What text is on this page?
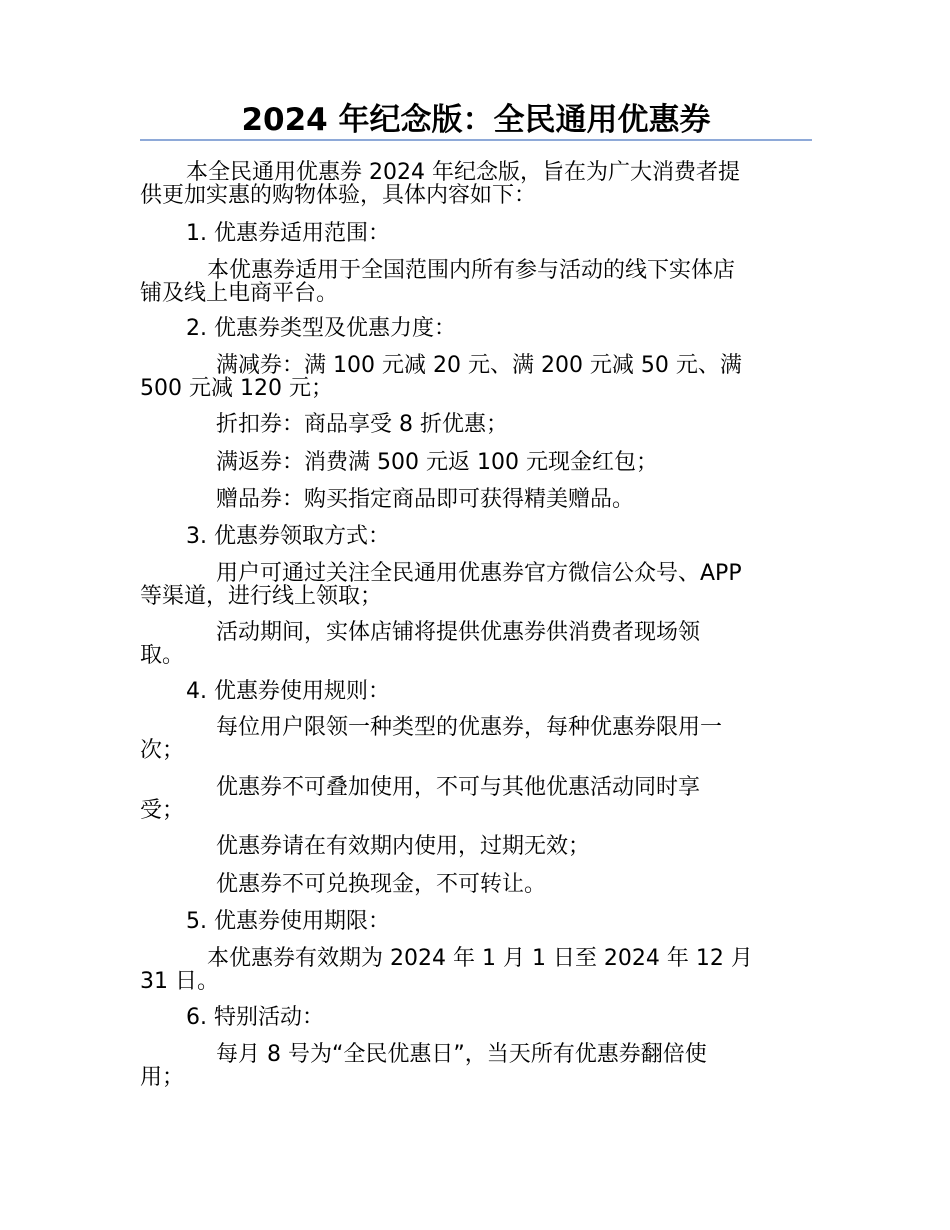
2024 年纪念版：全民通用优惠券
本全民通用优惠券 2024 年纪念版，旨在为广大消费者提
供更加实惠的购物体验，具体内容如下：
1. 优惠券适用范围：
本优惠券适用于全国范围内所有参与活动的线下实体店
铺及线上电商平台。
2. 优惠券类型及优惠力度：
满减券：满 100 元减 20 元、满 200 元减 50 元、满
500 元减 120 元；
折扣券：商品享受 8 折优惠；
满返券：消费满 500 元返 100 元现金红包；
赠品券：购买指定商品即可获得精美赠品。
3. 优惠券领取方式：
用户可通过关注全民通用优惠券官方微信公众号、APP
等渠道，进行线上领取；
活动期间，实体店铺将提供优惠券供消费者现场领
取。
4. 优惠券使用规则：
每位用户限领一种类型的优惠券，每种优惠券限用一
次；
优惠券不可叠加使用，不可与其他优惠活动同时享
受；
优惠券请在有效期内使用，过期无效；
优惠券不可兑换现金，不可转让。
5. 优惠券使用期限：
本优惠券有效期为 2024 年 1 月 1 日至 2024 年 12 月
31 日。
6. 特别活动：
每月 8 号为“全民优惠日”，当天所有优惠券翻倍使
用；
